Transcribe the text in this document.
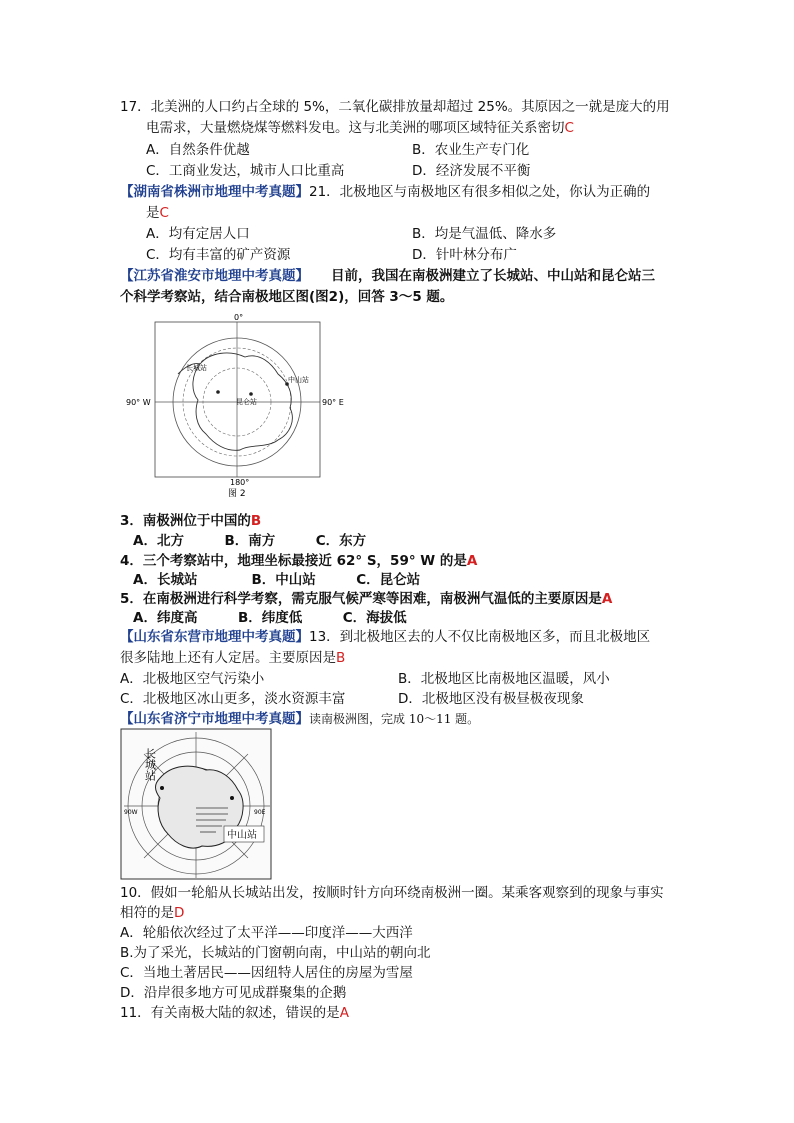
17．北美洲的人口约占全球的 5%，二氧化碳排放量却超过 25%。其原因之一就是庞大的用
电需求，大量燃烧煤等燃料发电。这与北美洲的哪项区域特征关系密切C
A．自然条件优越	B．农业生产专门化
C．工商业发达，城市人口比重高	D．经济发展不平衡
【湖南省株洲市地理中考真题】21．北极地区与南极地区有很多相似之处，你认为正确的
是C
A．均有定居人口	B．均是气温低、降水多
C．均有丰富的矿产资源	D．针叶林分布广
【江苏省淮安市地理中考真题】 目前，我国在南极洲建立了长城站、中山站和昆仑站三
个科学考察站，结合南极地区图(图2)，回答 3～5 题。
0°
90° W	90° E
180°
图 2
长城站
中山站
昆仑站
3．南极洲位于中国的B
A．北方　　　B．南方　　　C．东方
4．三个考察站中，地理坐标最接近 62° S，59° W 的是A
A．长城站　　　　B．中山站　　　C．昆仑站
5．在南极洲进行科学考察，需克服气候严寒等困难，南极洲气温低的主要原因是A
A．纬度高　　　B．纬度低　　　C．海拔低
【山东省东营市地理中考真题】13．到北极地区去的人不仅比南极地区多，而且北极地区
很多陆地上还有人定居。主要原因是B
A．北极地区空气污染小	B．北极地区比南极地区温暖，风小
C．北极地区冰山更多，淡水资源丰富	D．北极地区没有极昼极夜现象
【山东省济宁市地理中考真题】读南极洲图，完成 10～11 题。
长城站
中山站
90W	90E
10．假如一轮船从长城站出发，按顺时针方向环绕南极洲一圈。某乘客观察到的现象与事实
相符的是D
A．轮船依次经过了太平洋——印度洋——大西洋
B.为了采光，长城站的门窗朝向南，中山站的朝向北
C．当地土著居民——因纽特人居住的房屋为雪屋
D．沿岸很多地方可见成群聚集的企鹅
11．有关南极大陆的叙述，错误的是A
